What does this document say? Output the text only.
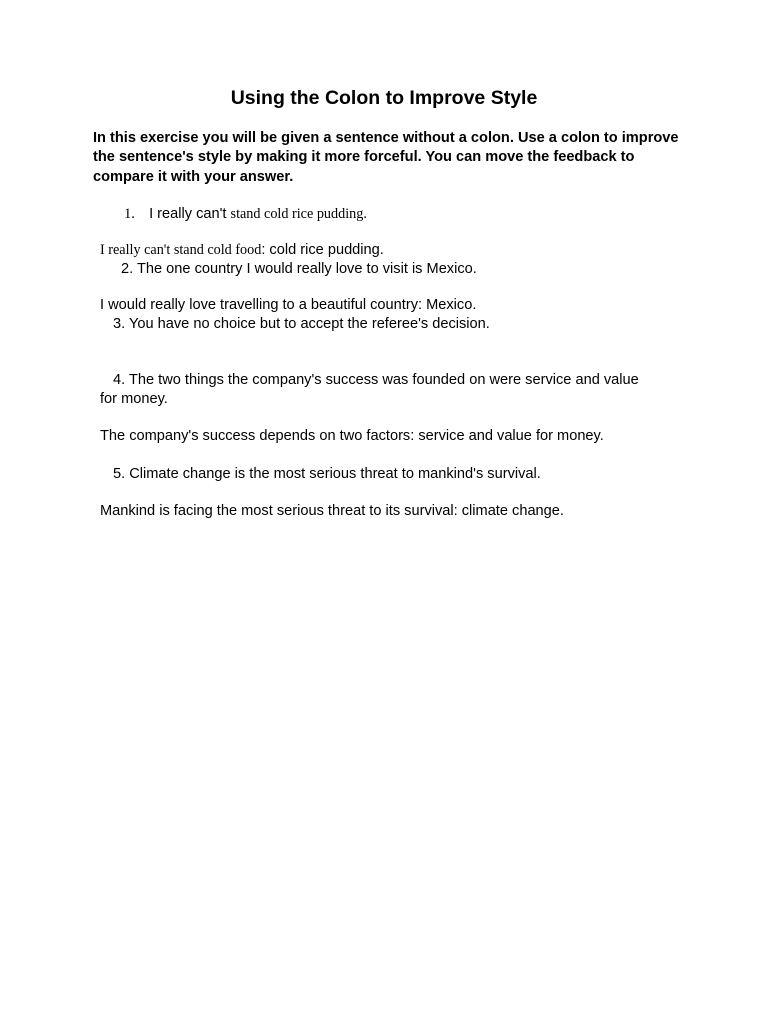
Using the Colon to Improve Style
In this exercise you will be given a sentence without a colon. Use a colon to improve the sentence's style by making it more forceful. You can move the feedback to compare it with your answer.
1. I really can't stand cold rice pudding.
I really can't stand cold food: cold rice pudding.
2. The one country I would really love to visit is Mexico.
I would really love travelling to a beautiful country: Mexico.
3. You have no choice but to accept the referee's decision.
4. The two things the company's success was founded on were service and value for money.
The company's success depends on two factors: service and value for money.
5. Climate change is the most serious threat to mankind's survival.
Mankind is facing the most serious threat to its survival: climate change.
